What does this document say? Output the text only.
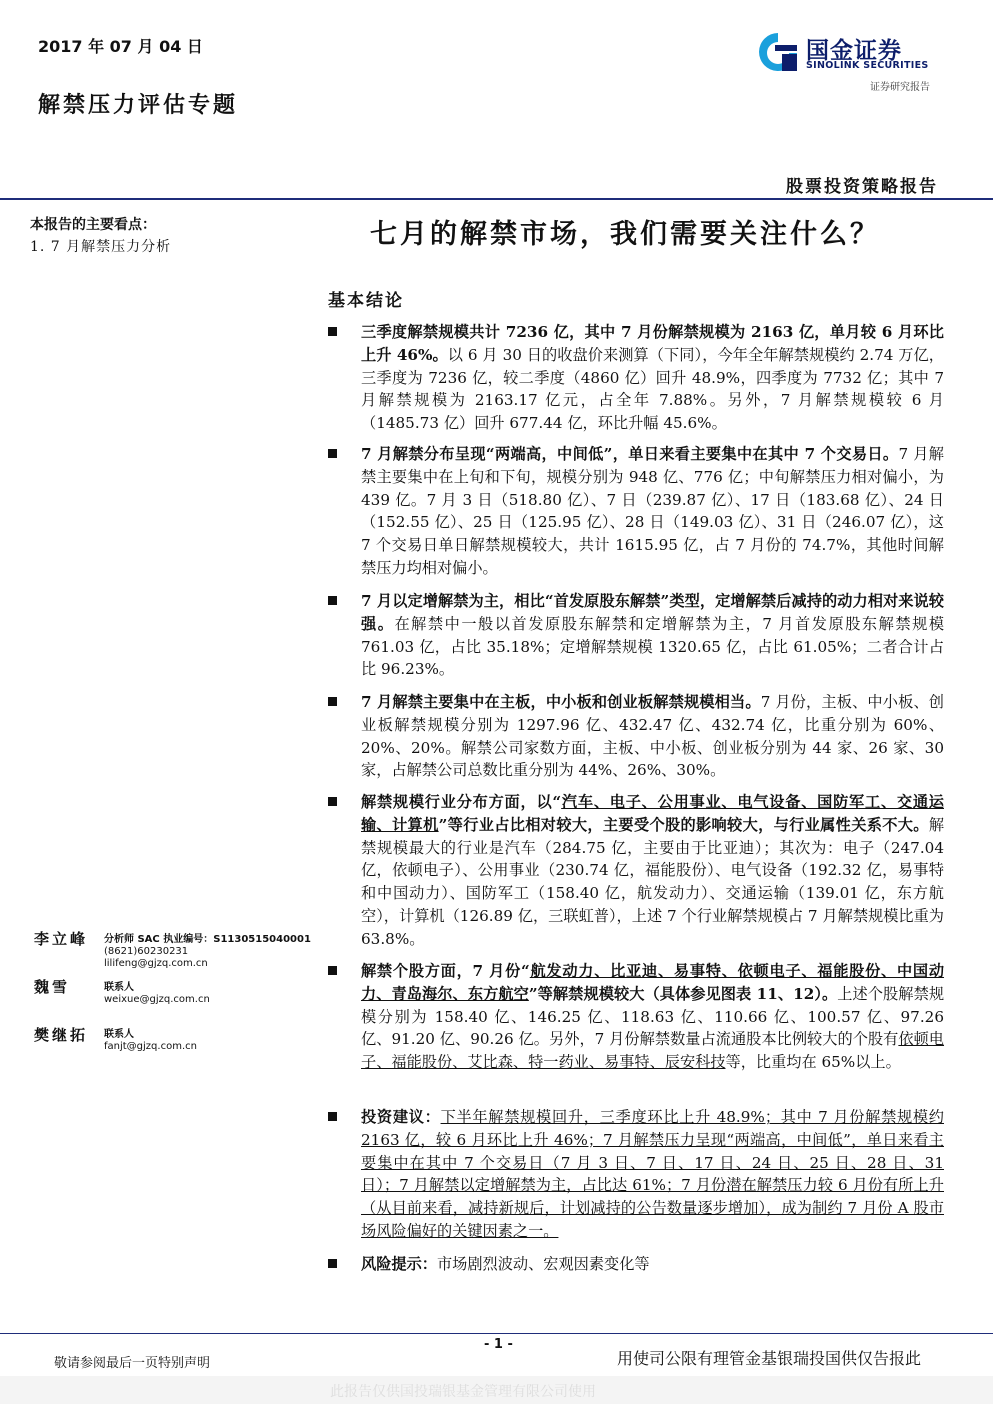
2017 年 07 月 04 日
解禁压力评估专题
国金证券
SINOLINK SECURITIES
证券研究报告
股票投资策略报告
本报告的主要看点：
1. 7 月解禁压力分析	七月的解禁市场，我们需要关注什么？
基本结论
三季度解禁规模共计 7236 亿，其中 7 月份解禁规模为 2163 亿，单月较 6 月环比上升 46%。以 6 月 30 日的收盘价来测算（下同），今年全年解禁规模约 2.74 万亿，三季度为 7236 亿，较二季度（4860 亿）回升 48.9%，四季度为 7732 亿；其中 7 月解禁规模为 2163.17 亿元，占全年 7.88%。另外，7 月解禁规模较 6 月（1485.73 亿）回升 677.44 亿，环比升幅 45.6%。
7 月解禁分布呈现“两端高，中间低”，单日来看主要集中在其中 7 个交易日。7 月解禁主要集中在上旬和下旬，规模分别为 948 亿、776 亿；中旬解禁压力相对偏小，为 439 亿。7 月 3 日（518.80 亿）、7 日（239.87 亿）、17 日（183.68 亿）、24 日（152.55 亿）、25 日（125.95 亿）、28 日（149.03 亿）、31 日（246.07 亿），这 7 个交易日单日解禁规模较大，共计 1615.95 亿，占 7 月份的 74.7%，其他时间解禁压力均相对偏小。
7 月以定增解禁为主，相比“首发原股东解禁”类型，定增解禁后减持的动力相对来说较强。在解禁中一般以首发原股东解禁和定增解禁为主，7 月首发原股东解禁规模 761.03 亿，占比 35.18%；定增解禁规模 1320.65 亿，占比 61.05%；二者合计占比 96.23%。
7 月解禁主要集中在主板，中小板和创业板解禁规模相当。7 月份，主板、中小板、创业板解禁规模分别为 1297.96 亿、432.47 亿、432.74 亿，比重分别为 60%、20%、20%。解禁公司家数方面，主板、中小板、创业板分别为 44 家、26 家、30 家，占解禁公司总数比重分别为 44%、26%、30%。
解禁规模行业分布方面，以“汽车、电子、公用事业、电气设备、国防军工、交通运输、计算机”等行业占比相对较大，主要受个股的影响较大，与行业属性关系不大。解禁规模最大的行业是汽车（284.75 亿，主要由于比亚迪）；其次为：电子（247.04 亿，依顿电子）、公用事业（230.74 亿，福能股份）、电气设备（192.32 亿，易事特和中国动力）、国防军工（158.40 亿，航发动力）、交通运输（139.01 亿，东方航空），计算机（126.89 亿，三联虹普），上述 7 个行业解禁规模占 7 月解禁规模比重为 63.8%。
解禁个股方面，7 月份“航发动力、比亚迪、易事特、依顿电子、福能股份、中国动力、青岛海尔、东方航空”等解禁规模较大（具体参见图表 11、12）。上述个股解禁规模分别为 158.40 亿、146.25 亿、118.63 亿、110.66 亿、100.57 亿、97.26 亿、91.20 亿、90.26 亿。另外，7 月份解禁数量占流通股本比例较大的个股有依顿电子、福能股份、艾比森、特一药业、易事特、辰安科技等，比重均在 65%以上。
投资建议：下半年解禁规模回升，三季度环比上升 48.9%；其中 7 月份解禁规模约 2163 亿，较 6 月环比上升 46%；7 月解禁压力呈现“两端高，中间低”，单日来看主要集中在其中 7 个交易日（7 月 3 日、7 日、17 日、24 日、25 日、28 日、31 日）；7 月解禁以定增解禁为主，占比达 61%；7 月份潜在解禁压力较 6 月份有所上升（从目前来看，减持新规后，计划减持的公告数量逐步增加），成为制约 7 月份 A 股市场风险偏好的关键因素之一。
风险提示：市场剧烈波动、宏观因素变化等
李立峰 分析师 SAC 执业编号：S1130515040001
(8621)60230231
lilifeng@gjzq.com.cn
魏雪	联系人
weixue@gjzq.com.cn
樊继拓 联系人
fanjt@gjzq.com.cn
- 1 -
敬请参阅最后一页特别声明	用使司公限有理管金基银瑞投国供仅告报此
此报告仅供国投瑞银基金管理有限公司使用
